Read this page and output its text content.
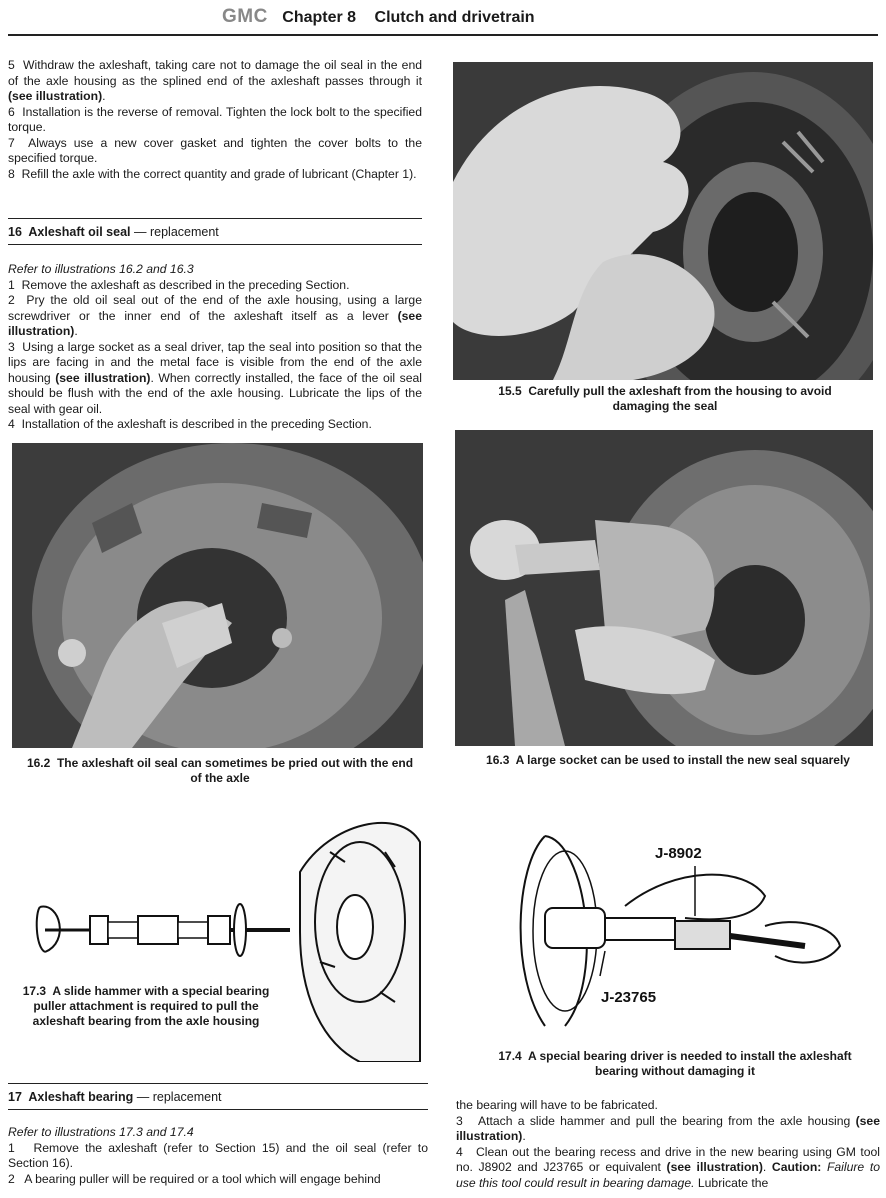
GMC Chapter 8 Clutch and drivetrain

5 Withdraw the axleshaft, taking care not to damage the oil seal in the end of the axle housing as the splined end of the axleshaft passes through it (see illustration).

6 Installation is the reverse of removal. Tighten the lock bolt to the specified torque.

7 Always use a new cover gasket and tighten the cover bolts to the specified torque.

8 Refill the axle with the correct quantity and grade of lubricant (Chapter 1).

16 Axleshaft oil seal — replacement

Refer to illustrations 16.2 and 16.3

1 Remove the axleshaft as described in the preceding Section.

2 Pry the old oil seal out of the end of the axle housing, using a large screwdriver or the inner end of the axleshaft itself as a lever (see illustration).

3 Using a large socket as a seal driver, tap the seal into position so that the lips are facing in and the metal face is visible from the end of the axle housing (see illustration). When correctly installed, the face of the oil seal should be flush with the end of the axle housing. Lubricate the lips of the seal with gear oil.

4 Installation of the axleshaft is described in the preceding Section.

15.5 Carefully pull the axleshaft from the housing to avoid damaging the seal
16.2 The axleshaft oil seal can sometimes be pried out with the end of the axle
16.3 A large socket can be used to install the new seal squarely
17.3 A slide hammer with a special bearing puller attachment is required to pull the axleshaft bearing from the axle housing
J-8902
J-23765
17.4 A special bearing driver is needed to install the axleshaft bearing without damaging it
17 Axleshaft bearing — replacement

Refer to illustrations 17.3 and 17.4

1 Remove the axleshaft (refer to Section 15) and the oil seal (refer to Section 16).

2 A bearing puller will be required or a tool which will engage behind

the bearing will have to be fabricated.

3 Attach a slide hammer and pull the bearing from the axle housing (see illustration).

4 Clean out the bearing recess and drive in the new bearing using GM tool no. J8902 and J23765 or equivalent (see illustration). Caution: Failure to use this tool could result in bearing damage. Lubricate the
